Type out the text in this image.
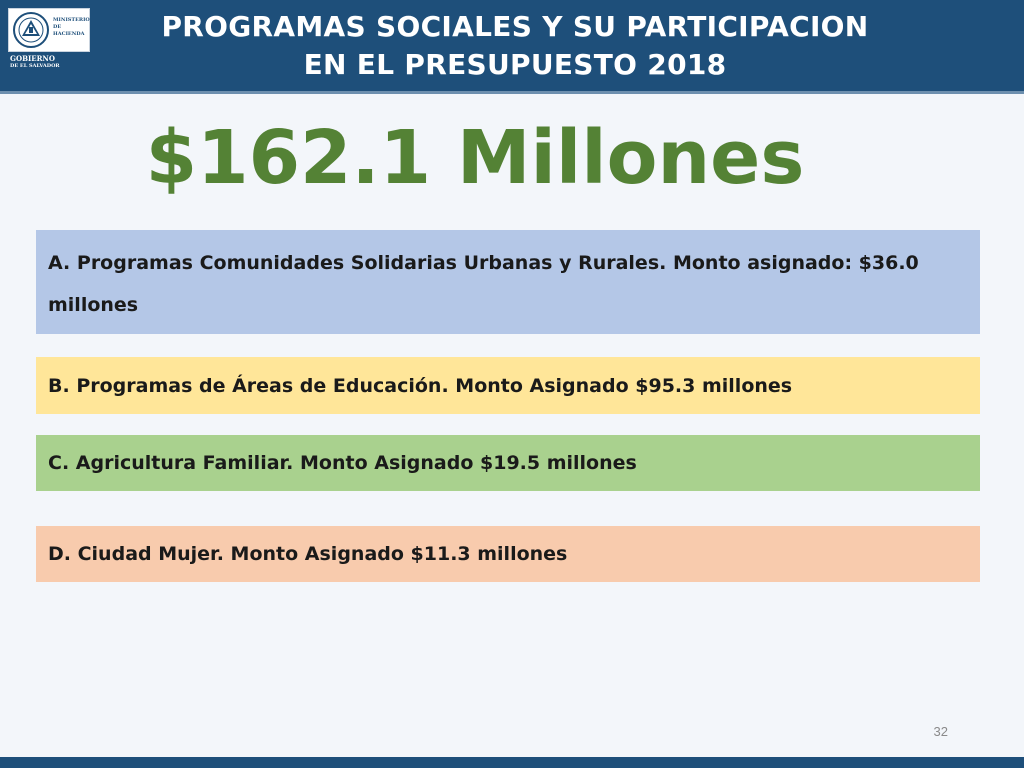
MINISTERIO
DE HACIENDA
GOBIERNO
DE EL SALVADOR
PROGRAMAS SOCIALES Y SU PARTICIPACION
EN EL PRESUPUESTO 2018
$162.1 Millones
A. Programas Comunidades Solidarias Urbanas y Rurales. Monto asignado: $36.0 millones
B. Programas de Áreas de Educación. Monto Asignado $95.3 millones
C. Agricultura Familiar. Monto Asignado $19.5 millones
D. Ciudad Mujer. Monto Asignado $11.3 millones
32
